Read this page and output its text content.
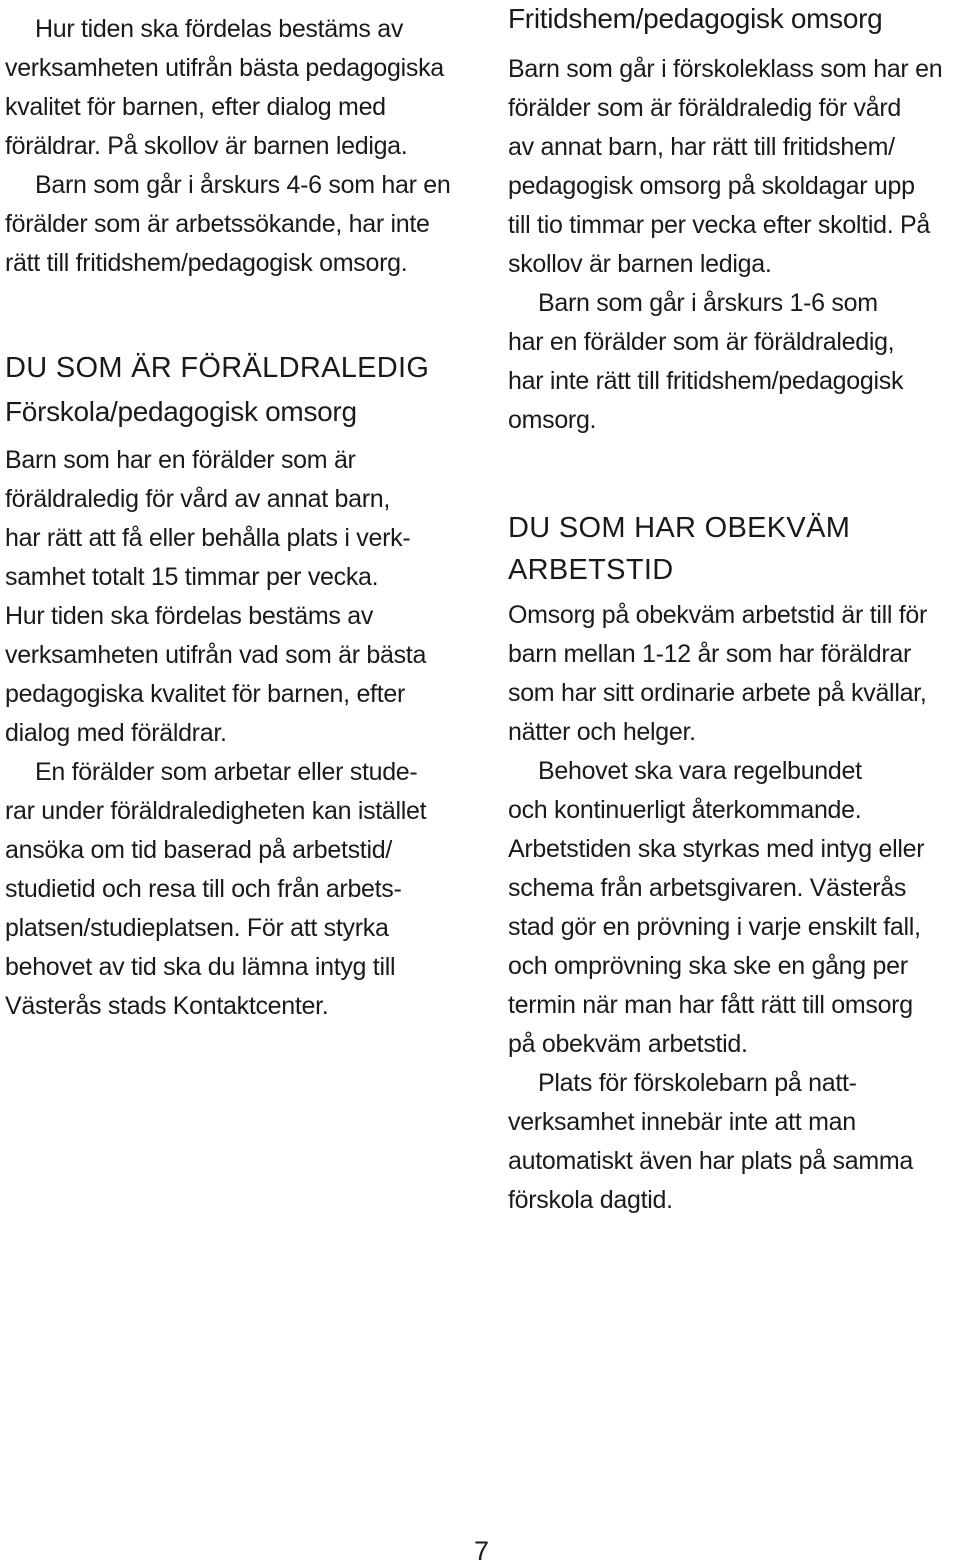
Hur tiden ska fördelas bestäms av
verksamheten utifrån bästa pedagogiska
kvalitet för barnen, efter dialog med
föräldrar. På skollov är barnen lediga.
Barn som går i årskurs 4-6 som har en
förälder som är arbetssökande, har inte
rätt till fritidshem/pedagogisk omsorg.
DU SOM ÄR FÖRÄLDRALEDIG
Förskola/pedagogisk omsorg
Barn som har en förälder som är
föräldraledig för vård av annat barn,
har rätt att få eller behålla plats i verk-
samhet totalt 15 timmar per vecka.
Hur tiden ska fördelas bestäms av
verksamheten utifrån vad som är bästa
pedagogiska kvalitet för barnen, efter
dialog med föräldrar.
En förälder som arbetar eller stude-
rar under föräldraledigheten kan istället
ansöka om tid baserad på arbetstid/
studietid och resa till och från arbets-
platsen/studieplatsen. För att styrka
behovet av tid ska du lämna intyg till
Västerås stads Kontaktcenter.
Fritidshem/pedagogisk omsorg
Barn som går i förskoleklass som har en
förälder som är föräldraledig för vård
av annat barn, har rätt till fritidshem/
pedagogisk omsorg på skoldagar upp
till tio timmar per vecka efter skoltid. På
skollov är barnen lediga.
Barn som går i årskurs 1-6 som
har en förälder som är föräldraledig,
har inte rätt till fritidshem/pedagogisk
omsorg.
DU SOM HAR OBEKVÄM
ARBETSTID
Omsorg på obekväm arbetstid är till för
barn mellan 1-12 år som har föräldrar
som har sitt ordinarie arbete på kvällar,
nätter och helger.
Behovet ska vara regelbundet
och kontinuerligt återkommande.
Arbetstiden ska styrkas med intyg eller
schema från arbetsgivaren. Västerås
stad gör en prövning i varje enskilt fall,
och omprövning ska ske en gång per
termin när man har fått rätt till omsorg
på obekväm arbetstid.
Plats för förskolebarn på natt-
verksamhet innebär inte att man
automatiskt även har plats på samma
förskola dagtid.
7
